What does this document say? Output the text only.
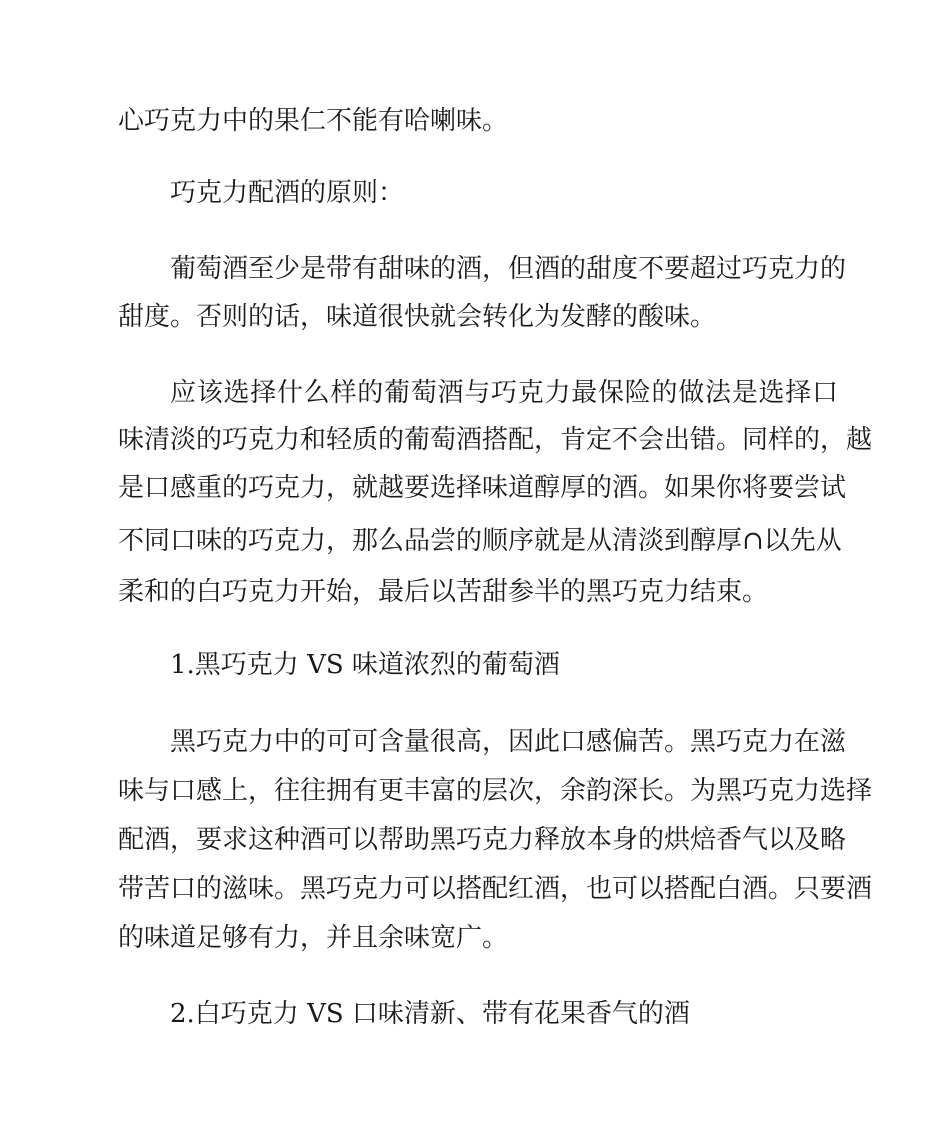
心巧克力中的果仁不能有哈喇味。
巧克力配酒的原则：
葡萄酒至少是带有甜味的酒，但酒的甜度不要超过巧克力的
甜度。否则的话，味道很快就会转化为发酵的酸味。
应该选择什么样的葡萄酒与巧克力最保险的做法是选择口
味清淡的巧克力和轻质的葡萄酒搭配，肯定不会出错。同样的，越
是口感重的巧克力，就越要选择味道醇厚的酒。如果你将要尝试
不同口味的巧克力，那么品尝的顺序就是从清淡到醇厚∩以先从
柔和的白巧克力开始，最后以苦甜参半的黑巧克力结束。
1.黑巧克力 VS 味道浓烈的葡萄酒
黑巧克力中的可可含量很高，因此口感偏苦。黑巧克力在滋
味与口感上，往往拥有更丰富的层次，余韵深长。为黑巧克力选择
配酒，要求这种酒可以帮助黑巧克力释放本身的烘焙香气以及略
带苦口的滋味。黑巧克力可以搭配红酒，也可以搭配白酒。只要酒
的味道足够有力，并且余味宽广。
2.白巧克力 VS 口味清新、带有花果香气的酒
